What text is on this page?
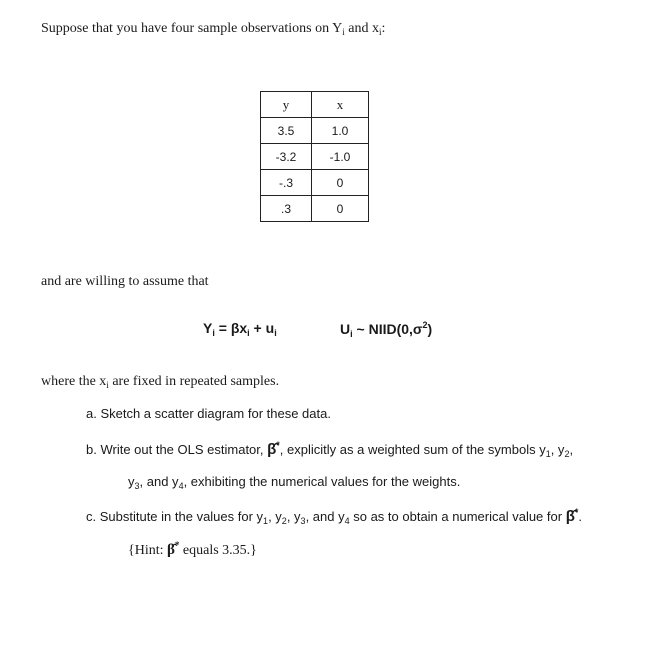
Suppose that you have four sample observations on $Y_i$ and $x_i$:
y	x
3.5	1.0
-3.2	-1.0
-.3	0
.3	0
and are willing to assume that
$Y_i = \beta x_i + u_i$	$U_i$ ~ $NIID(0,\sigma^2)$
where the $x_i$ are fixed in repeated samples.
a. Sketch a scatter diagram for these data.
b. Write out the OLS estimator, β̂*, explicitly as a weighted sum of the symbols $y_1$, $y_2$,
$y_3$, and $y_4$, exhibiting the numerical values for the weights.
c. Substitute in the values for $y_1$, $y_2$, $y_3$, and $y_4$ so as to obtain a numerical value for β̂*.
{Hint: β̂* equals 3.35.}
